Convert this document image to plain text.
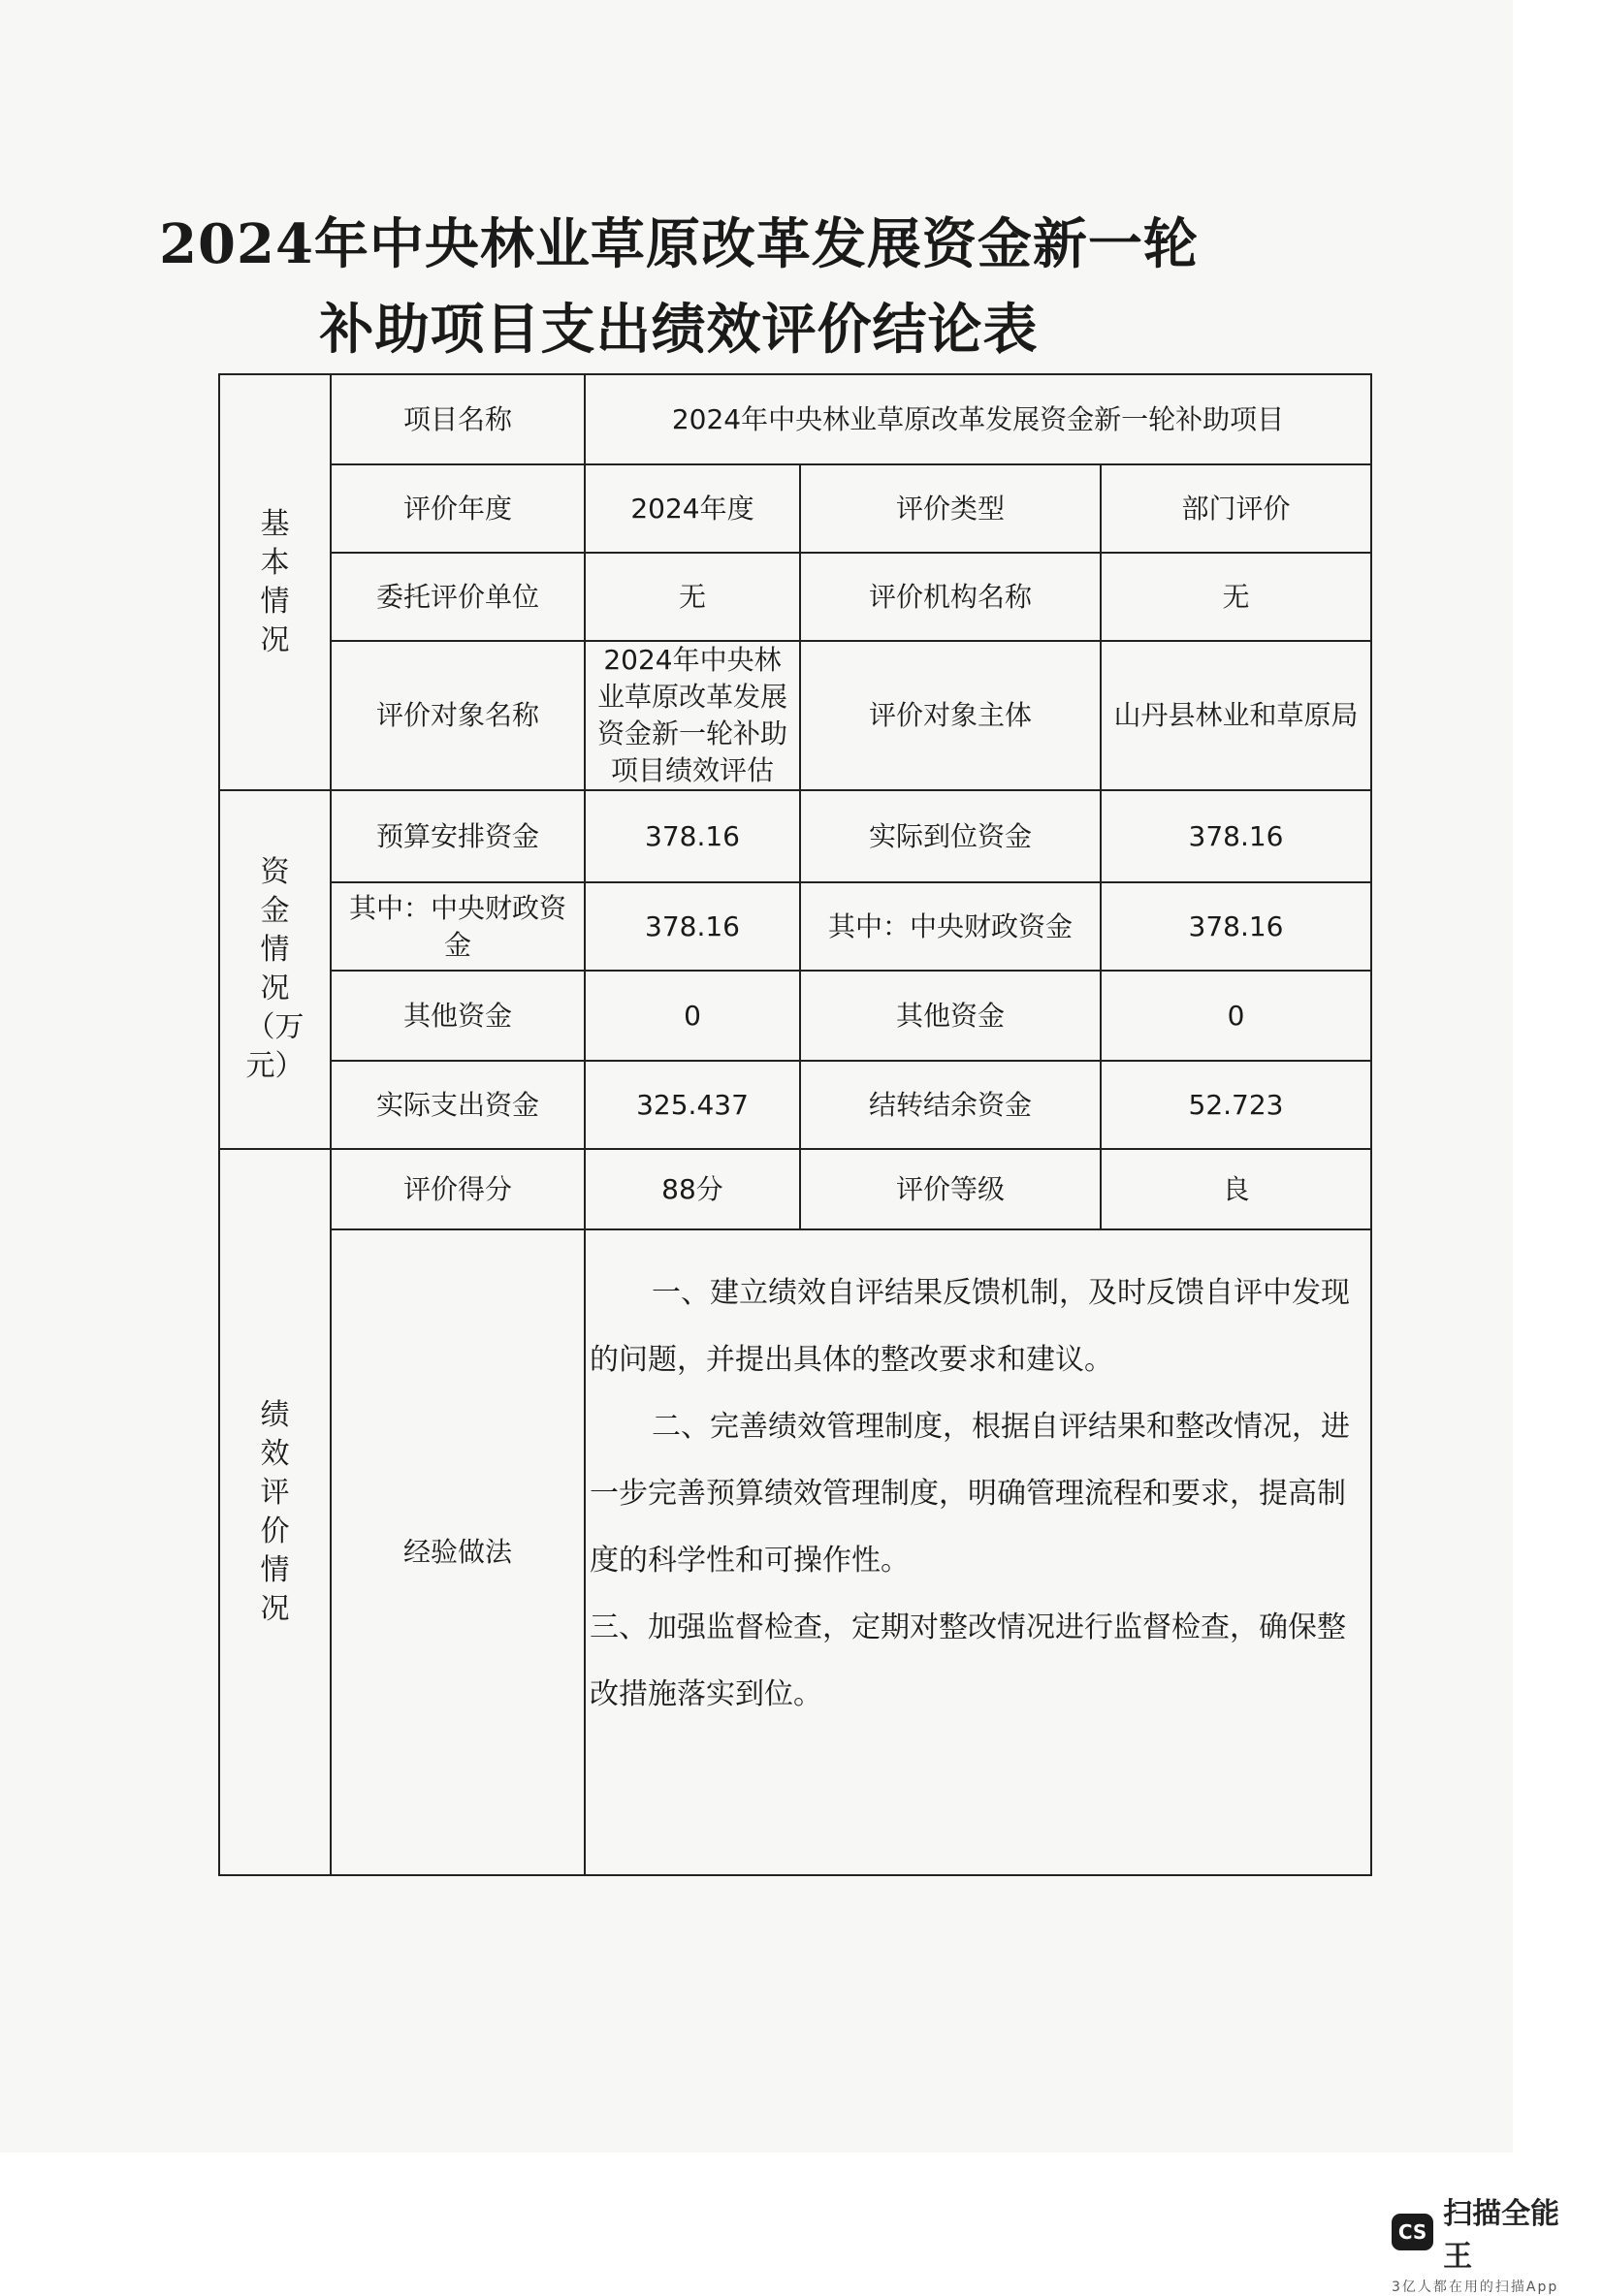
2024年中央林业草原改革发展资金新一轮
补助项目支出绩效评价结论表
基本情况	项目名称	2024年中央林业草原改革发展资金新一轮补助项目		
	评价年度	2024年度	评价类型	部门评价
	委托评价单位	无	评价机构名称	无
	评价对象名称	2024年中央林业草原改革发展资金新一轮补助项目绩效评估	评价对象主体	山丹县林业和草原局
资金情况
（万元）	预算安排资金	378.16	实际到位资金	378.16
	其中：中央财政资金	378.16	其中：中央财政资金	378.16
	其他资金	0	其他资金	0
	实际支出资金	325.437	结转结余资金	52.723
绩效评价情况	评价得分	88分	评价等级	良
	经验做法	一、建立绩效自评结果反馈机制，及时反馈自评中发现的问题，并提出具体的整改要求和建议。

二、完善绩效管理制度，根据自评结果和整改情况，进一步完善预算绩效管理制度，明确管理流程和要求，提高制度的科学性和可操作性。

三、加强监督检查，定期对整改情况进行监督检查，确保整改措施落实到位。		

CS
扫描全能王
3亿人都在用的扫描App
